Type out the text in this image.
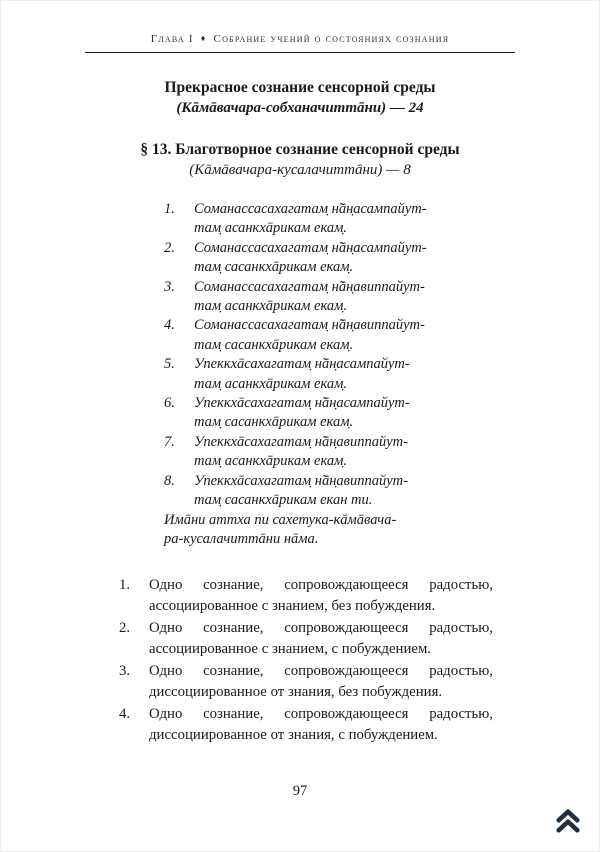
Глава I ♦ Собрание учений о состояниях сознания
Прекрасное сознание сенсорной среды
(Кāмāвачара-собханачиттāни) — 24
§ 13. Благотворное сознание сенсорной среды
(Кāмāвачара-кусалачиттāни) — 8
1.	Соманассасахагатам̣ н̃āн̣асампайут-
там̣ асанкхāрикам екам̣.
2.	Соманассасахагатам̣ н̃āн̣асампайут-
там̣ сасанкхāрикам екам̣.
3.	Соманассасахагатам̣ н̃āн̣авиппайут-
там̣ асанкхāрикам екам̣.
4.	Соманассасахагатам̣ н̃āн̣авиппайут-
там̣ сасанкхāрикам екам̣.
5.	Упеккхāсахагатам̣ н̃āн̣асампайут-
там̣ асанкхāрикам екам̣.
6.	Упеккхāсахагатам̣ н̃āн̣асампайут-
там̣ сасанкхāрикам екам̣.
7.	Упеккхāсахагатам̣ н̃āн̣авиппайут-
там̣ асанкхāрикам екам̣.
8.	Упеккхāсахагатам̣ н̃āн̣авиппайут-
там̣ сасанкхāрикам екан ти.
Имāни аттха пи сахетука-кāмāвача-
ра-кусалачиттāни нāма.
1.	Одно сознание, сопровождающееся радостью, ассоциированное с знанием, без побуждения.
2.	Одно сознание, сопровождающееся радостью, ассоциированное с знанием, с побуждением.
3.	Одно сознание, сопровождающееся радостью, диссоциированное от знания, без побуждения.
4.	Одно сознание, сопровождающееся радостью, диссоциированное от знания, с побуждением.
97
